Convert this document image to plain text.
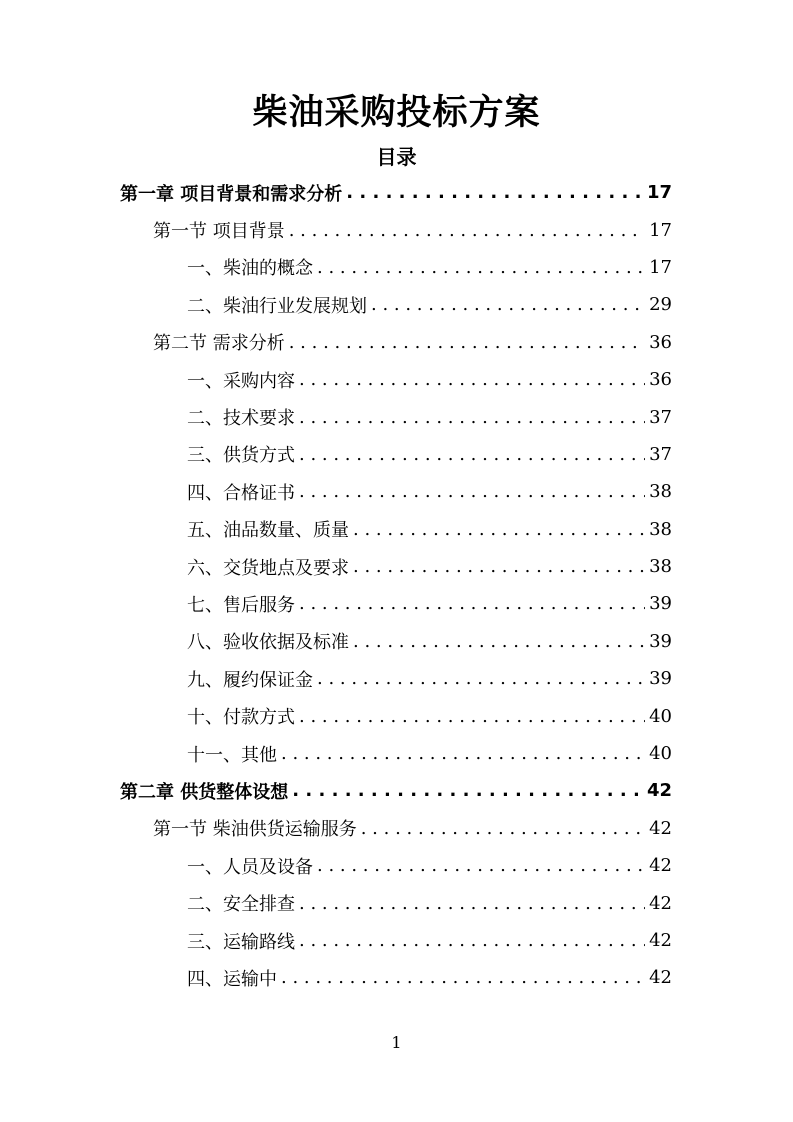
柴油采购投标方案
目录
第一章 项目背景和需求分析 . . .	17
第一节 项目背景 . . .	17
一、柴油的概念 . . .	17
二、柴油行业发展规划 . . .	29
第二节 需求分析 . . .	36
一、采购内容 . . .	36
二、技术要求 . . .	37
三、供货方式 . . .	37
四、合格证书 . . .	38
五、油品数量、质量 . . .	38
六、交货地点及要求 . . .	38
七、售后服务 . . .	39
八、验收依据及标准 . . .	39
九、履约保证金 . . .	39
十、付款方式 . . .	40
十一、其他 . . .	40
第二章 供货整体设想 . . .	42
第一节 柴油供货运输服务 . . .	42
一、人员及设备 . . .	42
二、安全排查 . . .	42
三、运输路线 . . .	42
四、运输中 . . .	42
1
